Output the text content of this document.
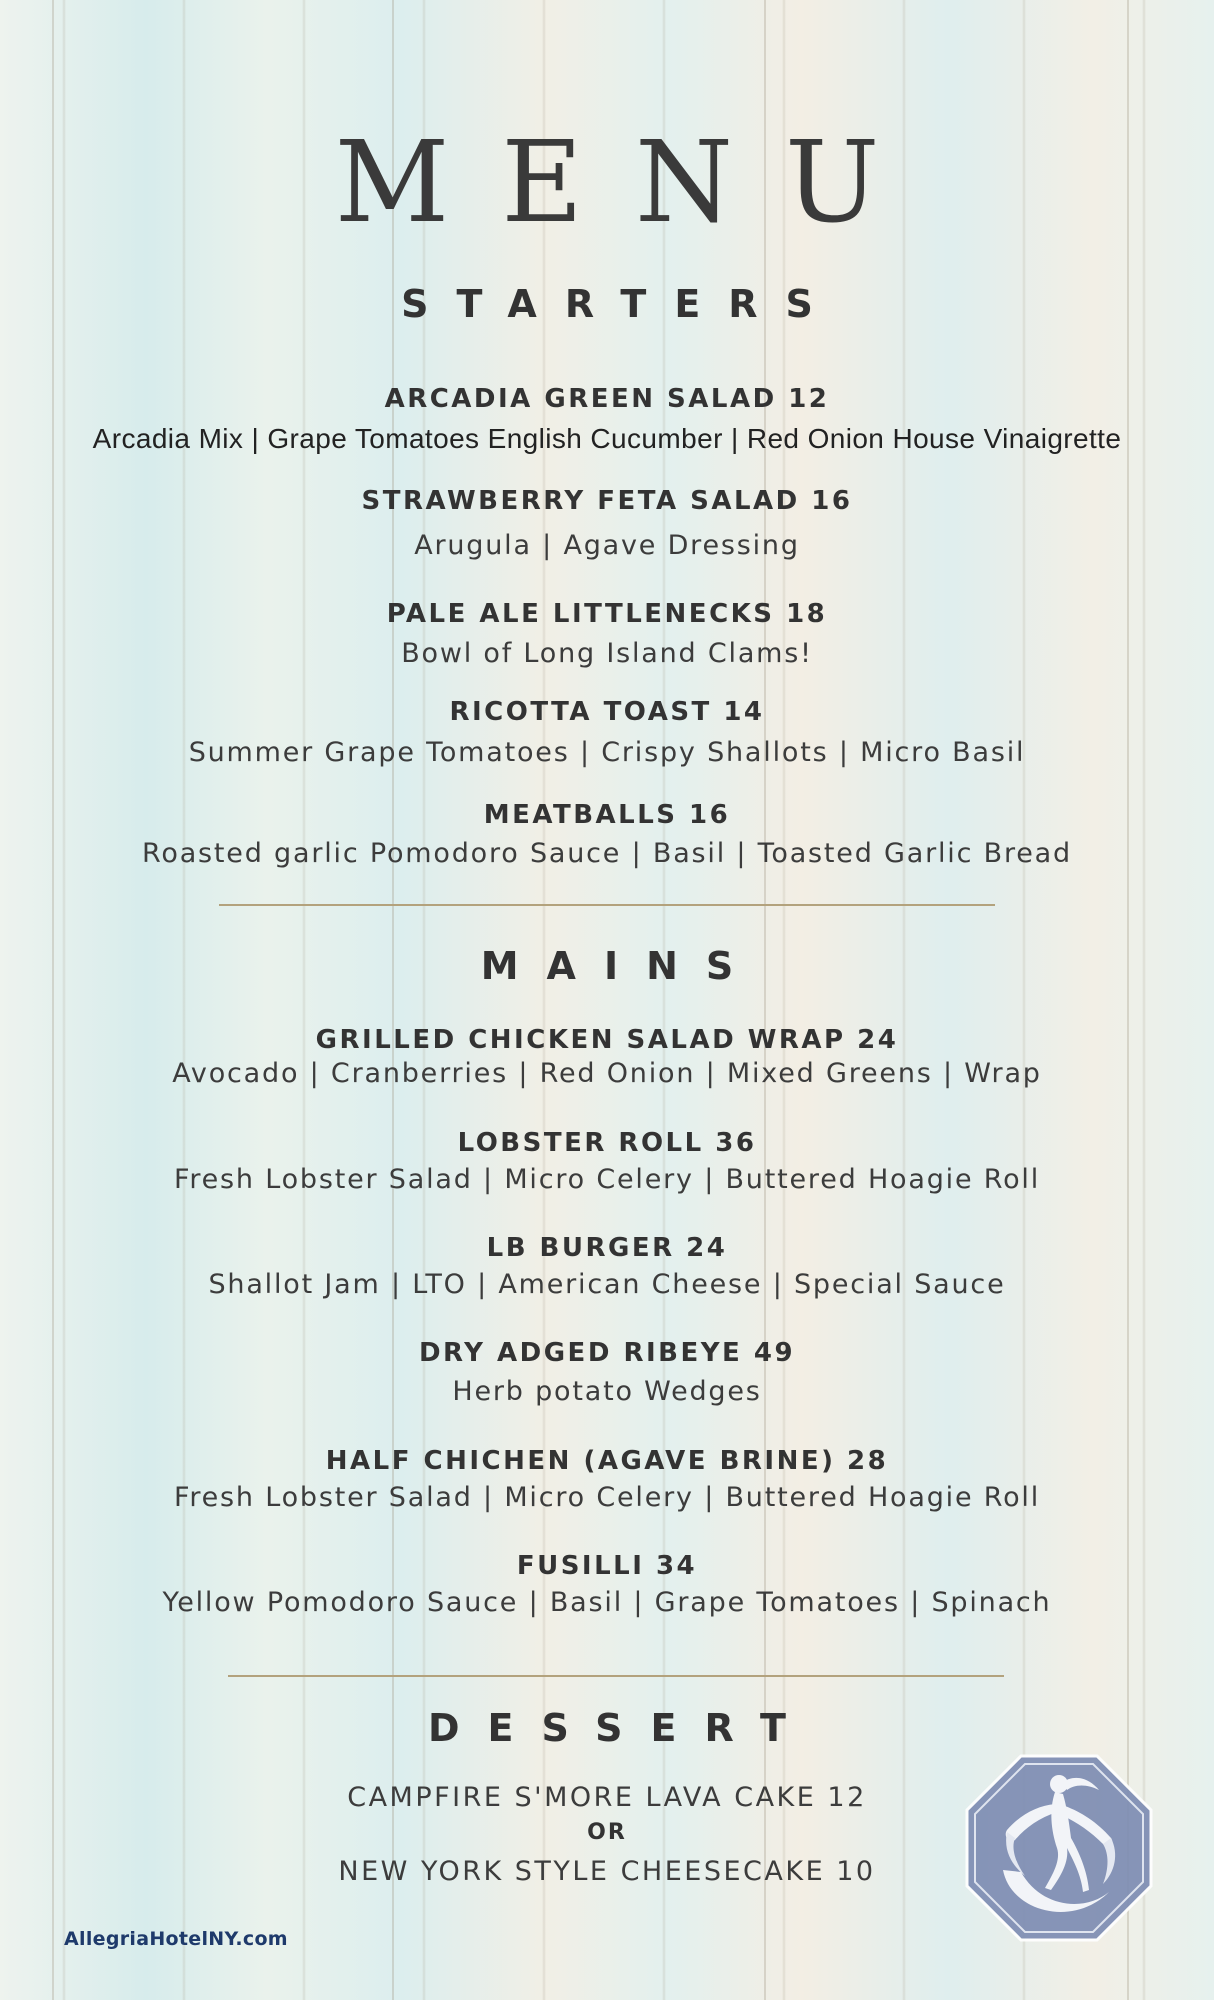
MENU
STARTERS
ARCADIA GREEN SALAD 12
Arcadia Mix | Grape Tomatoes English Cucumber | Red Onion House Vinaigrette
STRAWBERRY FETA SALAD 16
Arugula | Agave Dressing
PALE ALE LITTLENECKS 18
Bowl of Long Island Clams!
RICOTTA TOAST 14
Summer Grape Tomatoes | Crispy Shallots | Micro Basil
MEATBALLS 16
Roasted garlic Pomodoro Sauce | Basil | Toasted Garlic Bread
MAINS
GRILLED CHICKEN SALAD WRAP 24
Avocado | Cranberries | Red Onion | Mixed Greens | Wrap
LOBSTER ROLL 36
Fresh Lobster Salad | Micro Celery | Buttered Hoagie Roll
LB BURGER 24
Shallot Jam | LTO | American Cheese | Special Sauce
DRY ADGED RIBEYE 49
Herb potato Wedges
HALF CHICHEN (AGAVE BRINE) 28
Fresh Lobster Salad | Micro Celery | Buttered Hoagie Roll
FUSILLI 34
Yellow Pomodoro Sauce | Basil | Grape Tomatoes | Spinach
DESSERT
CAMPFIRE S'MORE LAVA CAKE 12
OR
NEW YORK STYLE CHEESECAKE 10
AllegriaHotelNY.com
